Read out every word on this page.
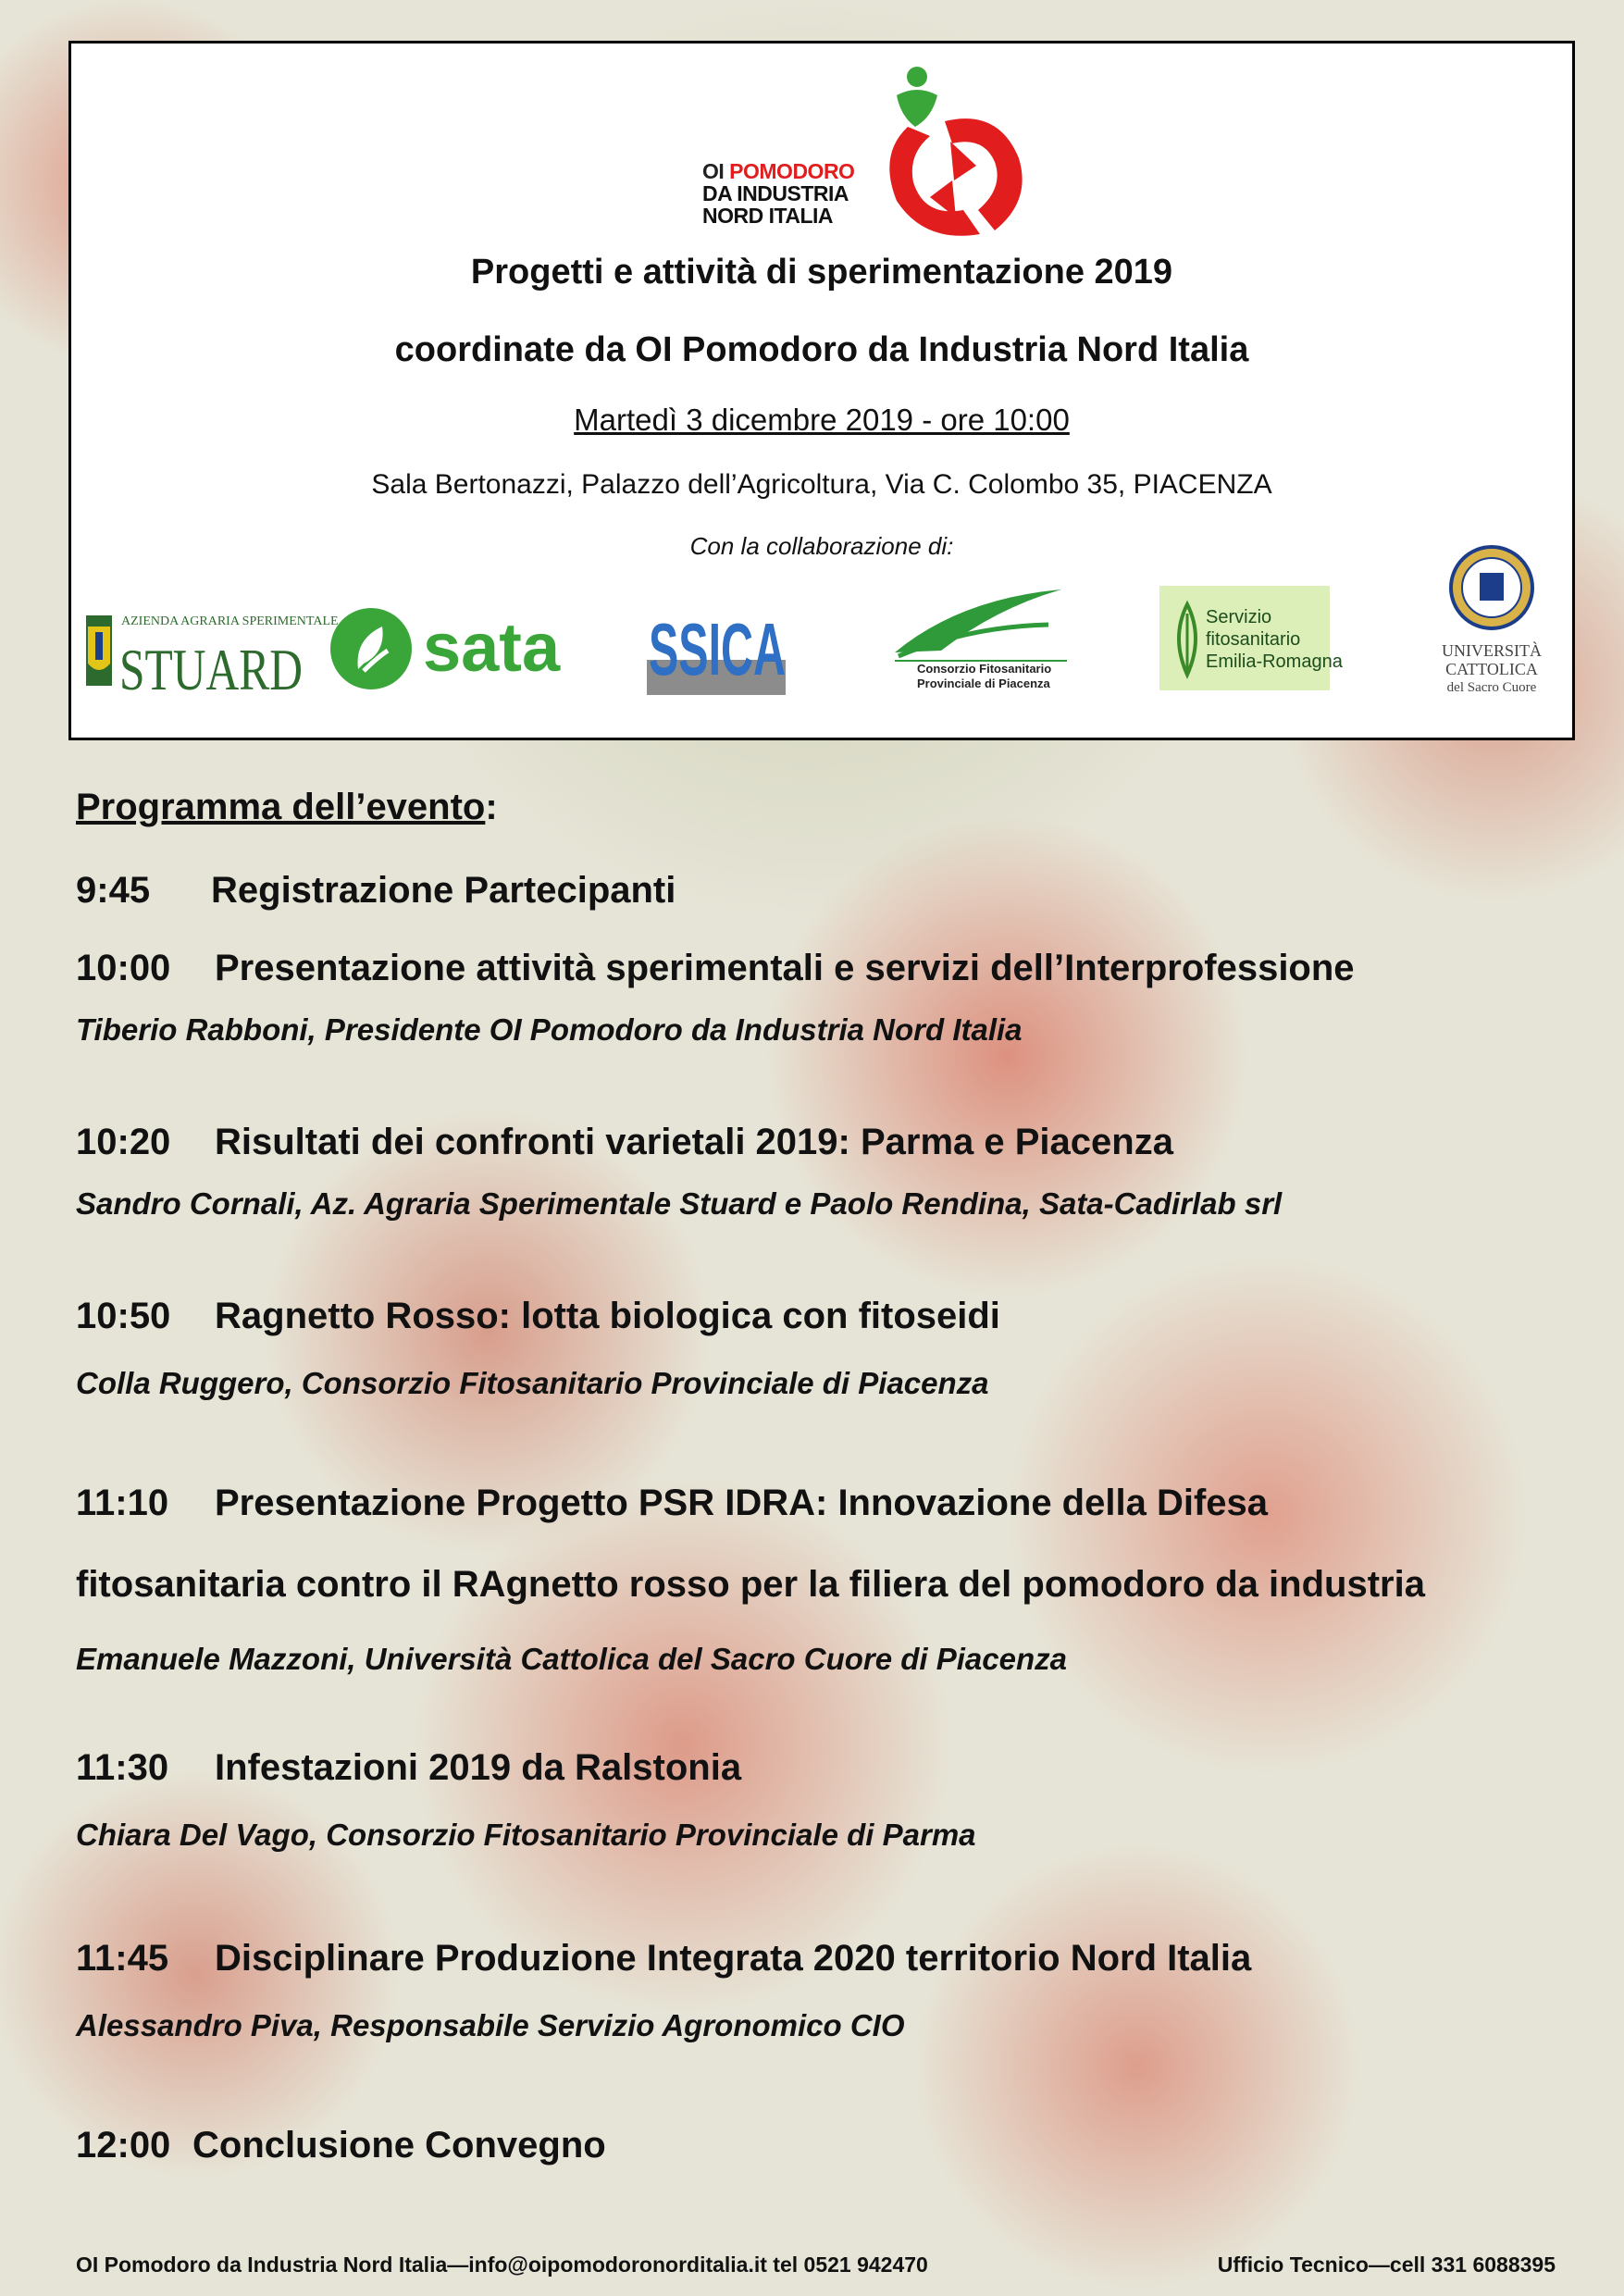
OI POMODORO
DA INDUSTRIA
NORD ITALIA
Progetti e attività di sperimentazione 2019
coordinate da OI Pomodoro da Industria Nord Italia
Martedì 3 dicembre 2019 - ore 10:00
Sala Bertonazzi, Palazzo dell’Agricoltura, Via C. Colombo 35, PIACENZA
Con la collaborazione di:
AZIENDA AGRARIA SPERIMENTALE
STUARD sata SSICA	Consorzio Fitosanitario
Provinciale di Piacenza
Servizio
fitosanitario
Emilia-Romagna
UNIVERSITÀ
CATTOLICA
del Sacro Cuore
Programma dell’evento:
9:45 Registrazione Partecipanti
10:00 Presentazione attività sperimentali e servizi dell’Interprofessione
Tiberio Rabboni, Presidente OI Pomodoro da Industria Nord Italia
10:20 Risultati dei confronti varietali 2019: Parma e Piacenza
Sandro Cornali, Az. Agraria Sperimentale Stuard e Paolo Rendina, Sata-Cadirlab srl
10:50 Ragnetto Rosso: lotta biologica con fitoseidi
Colla Ruggero, Consorzio Fitosanitario Provinciale di Piacenza
11:10 Presentazione Progetto PSR IDRA: Innovazione della Difesa
fitosanitaria contro il RAgnetto rosso per la filiera del pomodoro da industria
Emanuele Mazzoni, Università Cattolica del Sacro Cuore di Piacenza
11:30 Infestazioni 2019 da Ralstonia
Chiara Del Vago, Consorzio Fitosanitario Provinciale di Parma
11:45 Disciplinare Produzione Integrata 2020 territorio Nord Italia
Alessandro Piva, Responsabile Servizio Agronomico CIO
12:00 Conclusione Convegno
OI Pomodoro da Industria Nord Italia—info@oipomodoronorditalia.it tel 0521 942470	Ufficio Tecnico—cell 331 6088395
